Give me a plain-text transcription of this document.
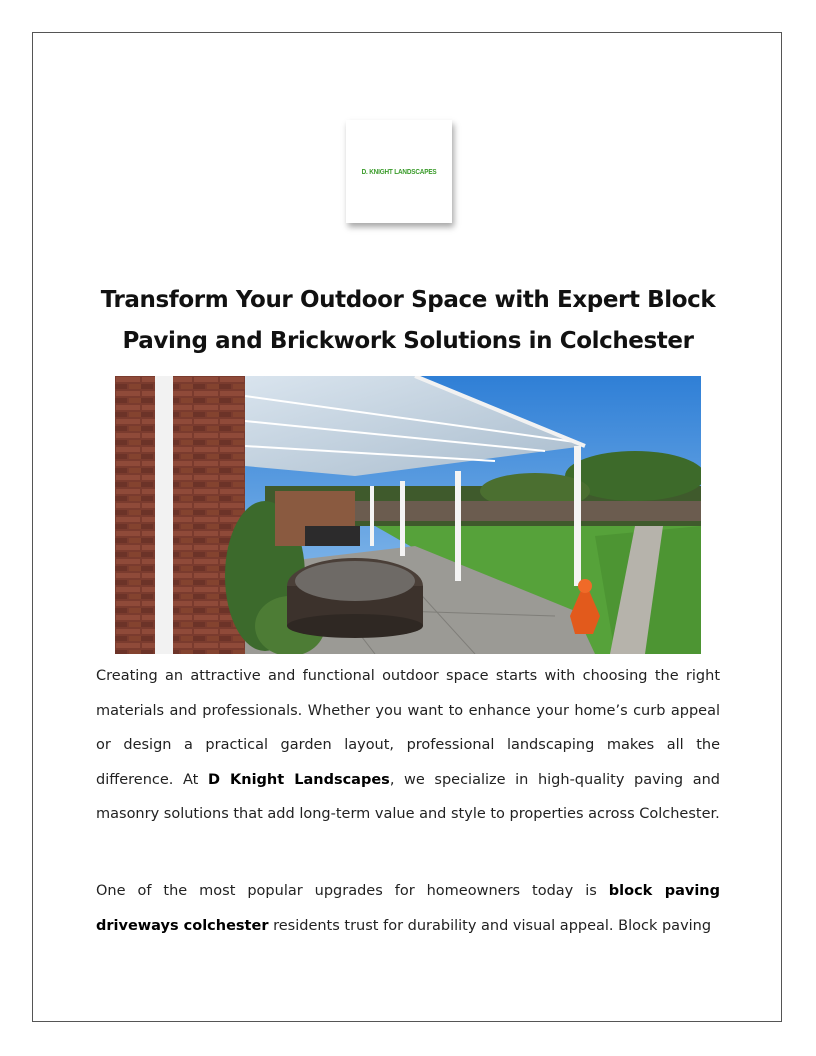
D. KNIGHT LANDSCAPES
Transform Your Outdoor Space with Expert Block Paving and Brickwork Solutions in Colchester

Creating an attractive and functional outdoor space starts with choosing the right materials and professionals. Whether you want to enhance your home’s curb appeal or design a practical garden layout, professional landscaping makes all the difference. At D Knight Landscapes, we specialize in high-quality paving and masonry solutions that add long-term value and style to properties across Colchester.

One of the most popular upgrades for homeowners today is block paving driveways colchester residents trust for durability and visual appeal. Block paving
